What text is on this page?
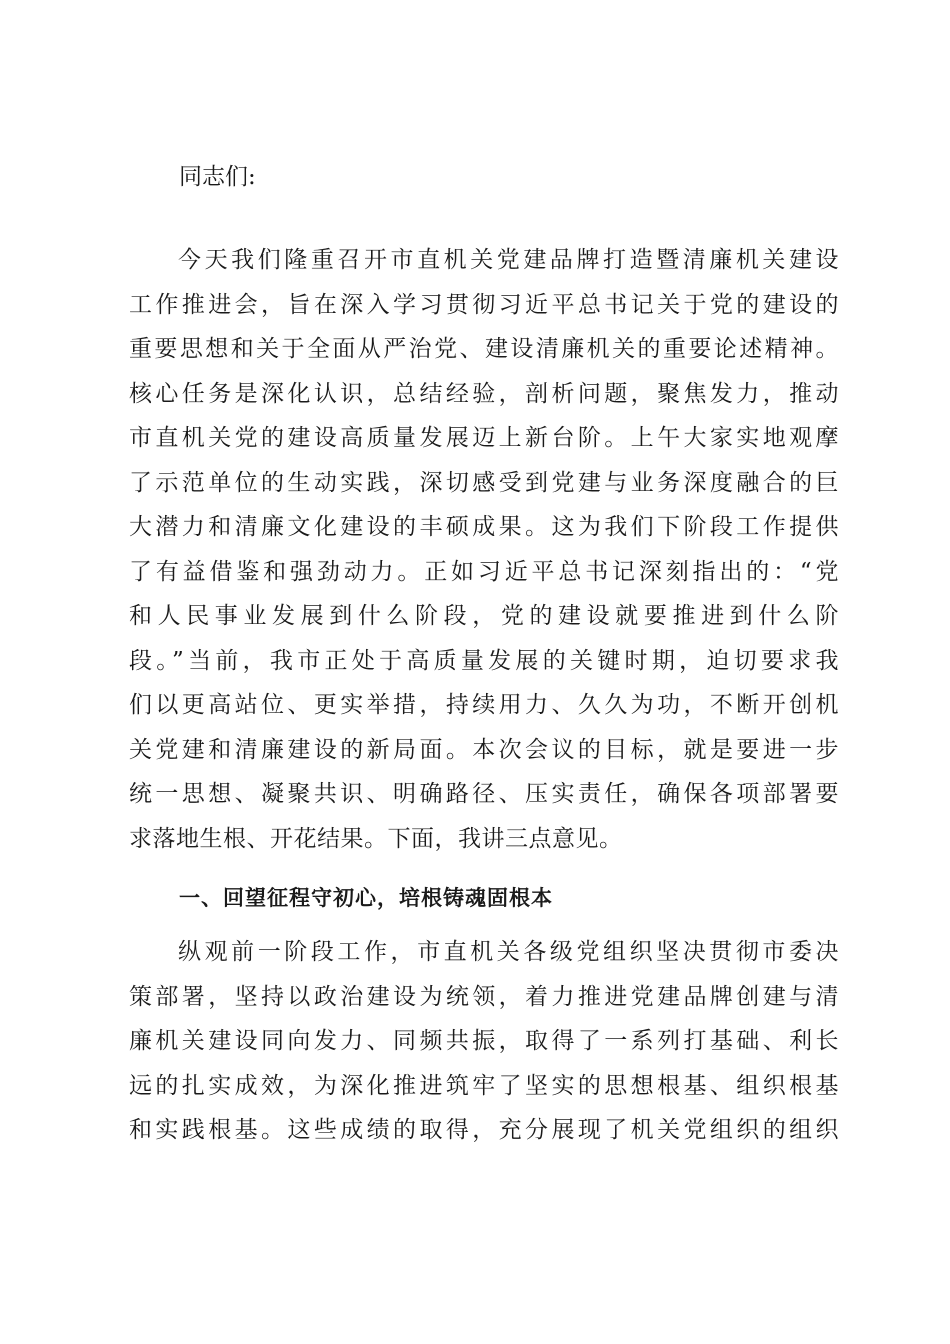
同志们:
今天我们隆重召开市直机关党建品牌打造暨清廉机关建设
工作推进会，旨在深入学习贯彻习近平总书记关于党的建设的
重要思想和关于全面从严治党、建设清廉机关的重要论述精神。
核心任务是深化认识，总结经验，剖析问题，聚焦发力，推动
市直机关党的建设高质量发展迈上新台阶。上午大家实地观摩
了示范单位的生动实践，深切感受到党建与业务深度融合的巨
大潜力和清廉文化建设的丰硕成果。这为我们下阶段工作提供
了有益借鉴和强劲动力。正如习近平总书记深刻指出的：“党
和人民事业发展到什么阶段，党的建设就要推进到什么阶
段。”当前，我市正处于高质量发展的关键时期，迫切要求我
们以更高站位、更实举措，持续用力、久久为功，不断开创机
关党建和清廉建设的新局面。本次会议的目标，就是要进一步
统一思想、凝聚共识、明确路径、压实责任，确保各项部署要
求落地生根、开花结果。下面，我讲三点意见。
一、回望征程守初心，培根铸魂固根本
纵观前一阶段工作，市直机关各级党组织坚决贯彻市委决
策部署，坚持以政治建设为统领，着力推进党建品牌创建与清
廉机关建设同向发力、同频共振，取得了一系列打基础、利长
远的扎实成效，为深化推进筑牢了坚实的思想根基、组织根基
和实践根基。这些成绩的取得，充分展现了机关党组织的组织
